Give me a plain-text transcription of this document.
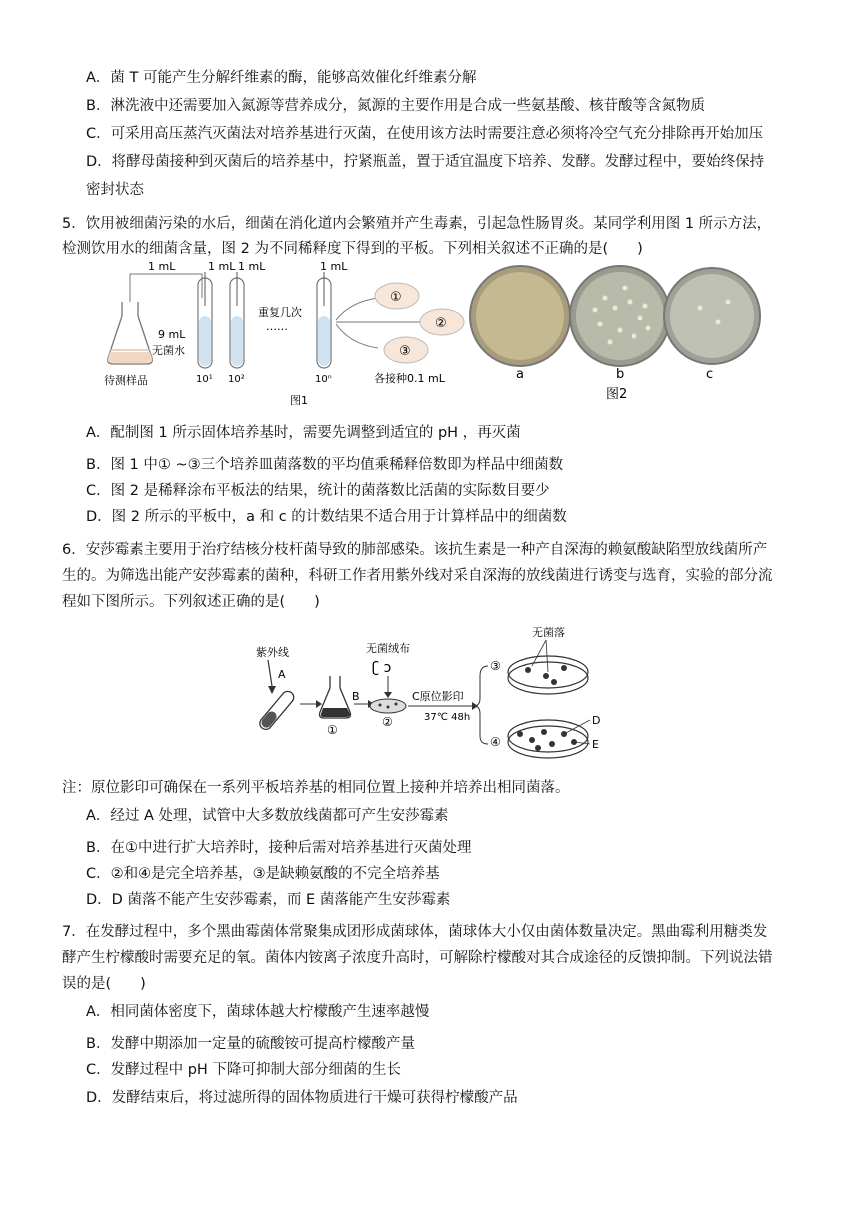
A．菌 T 可能产生分解纤维素的酶，能够高效催化纤维素分解
B．淋洗液中还需要加入氮源等营养成分，氮源的主要作用是合成一些氨基酸、核苷酸等含氮物质
C．可采用高压蒸汽灭菌法对培养基进行灭菌，在使用该方法时需要注意必须将冷空气充分排除再开始加压
D．将酵母菌接种到灭菌后的培养基中，拧紧瓶盖，置于适宜温度下培养、发酵。发酵过程中，要始终保持
密封状态
5．饮用被细菌污染的水后，细菌在消化道内会繁殖并产生毒素，引起急性肠胃炎。某同学利用图 1 所示方法，
检测饮用水的细菌含量，图 2 为不同稀释度下得到的平板。下列相关叙述不正确的是(　　)
1 mL	1 mL 1 mL	1 mL
9 mL
无菌水
待测样品	10¹ 10²	10ⁿ
重复几次
……
①
②
③
各接种0.1 mL
图1
a	b	c
图2
A．配制图 1 所示固体培养基时，需要先调整到适宜的 pH ，再灭菌
B．图 1 中① ~③三个培养皿菌落数的平均值乘稀释倍数即为样品中细菌数
C．图 2 是稀释涂布平板法的结果，统计的菌落数比活菌的实际数目要少
D．图 2 所示的平板中，a 和 c 的计数结果不适合用于计算样品中的细菌数
6．安莎霉素主要用于治疗结核分枝杆菌导致的肺部感染。该抗生素是一种产自深海的赖氨酸缺陷型放线菌所产
生的。为筛选出能产安莎霉素的菌种，科研工作者用紫外线对采自深海的放线菌进行诱变与选育，实验的部分流
程如下图所示。下列叙述正确的是(　　)
紫外线
A
①
B
无菌绒布
ʗ ɔ
②
C原位影印
37℃ 48h
③
④
无菌落
D
E
注：原位影印可确保在一系列平板培养基的相同位置上接种并培养出相同菌落。
A．经过 A 处理，试管中大多数放线菌都可产生安莎霉素
B．在①中进行扩大培养时，接种后需对培养基进行灭菌处理
C．②和④是完全培养基，③是缺赖氨酸的不完全培养基
D．D 菌落不能产生安莎霉素，而 E 菌落能产生安莎霉素
7．在发酵过程中，多个黑曲霉菌体常聚集成团形成菌球体，菌球体大小仅由菌体数量决定。黑曲霉利用糖类发
酵产生柠檬酸时需要充足的氧。菌体内铵离子浓度升高时，可解除柠檬酸对其合成途径的反馈抑制。下列说法错
误的是(　　)
A．相同菌体密度下，菌球体越大柠檬酸产生速率越慢
B．发酵中期添加一定量的硫酸铵可提高柠檬酸产量
C．发酵过程中 pH 下降可抑制大部分细菌的生长
D．发酵结束后，将过滤所得的固体物质进行干燥可获得柠檬酸产品
